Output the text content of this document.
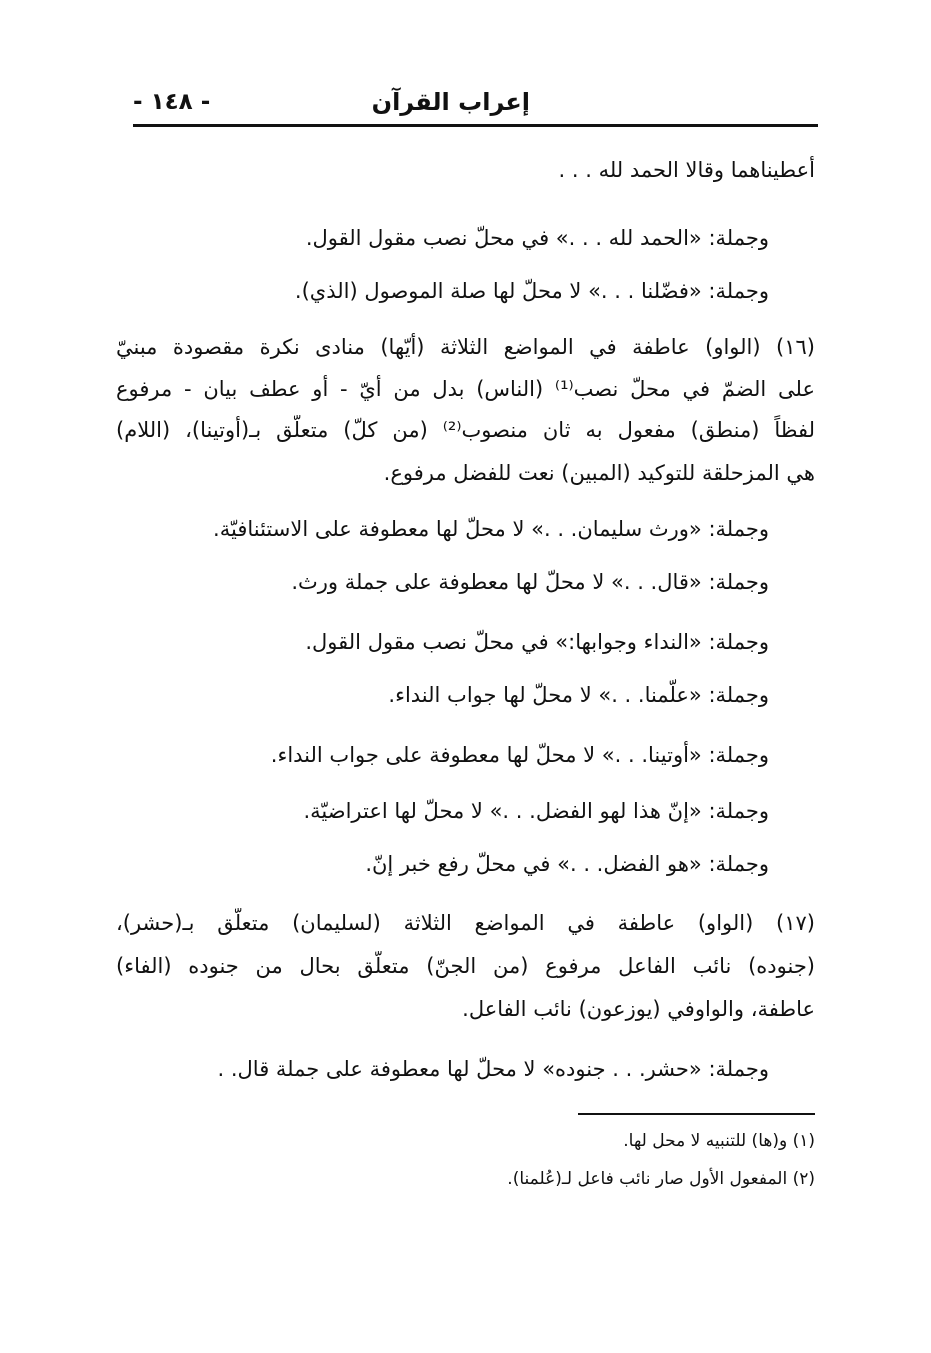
إعراب القرآن
- ١٤٨ -
أعطيناهما وقالا الحمد لله . . .
وجملة: «الحمد لله . . .» في محلّ نصب مقول القول.
وجملة: «فضّلنا . . .» لا محلّ لها صلة الموصول (الذي).
(١٦) (الواو) عاطفة في المواضع الثلاثة (أيّها) منادى نكرة مقصودة مبنيّ
على الضمّ في محلّ نصب⁽¹⁾ (الناس) بدل من أيّ - أو عطف بيان - مرفوع
لفظاً (منطق) مفعول به ثان منصوب⁽²⁾ (من كلّ) متعلّق بـ(أوتينا)، (اللام)
هي المزحلقة للتوكيد (المبين) نعت للفضل مرفوع.
وجملة: «ورث سليمان. . .» لا محلّ لها معطوفة على الاستئنافيّة.
وجملة: «قال. . .» لا محلّ لها معطوفة على جملة ورث.
وجملة: «النداء وجوابها:» في محلّ نصب مقول القول.
وجملة: «علّمنا. . .» لا محلّ لها جواب النداء.
وجملة: «أوتينا. . .» لا محلّ لها معطوفة على جواب النداء.
وجملة: «إنّ هذا لهو الفضل. . .» لا محلّ لها اعتراضيّة.
وجملة: «هو الفضل. . .» في محلّ رفع خبر إنّ.
(١٧) (الواو) عاطفة في المواضع الثلاثة (لسليمان) متعلّق بـ(حشر)،
(جنوده) نائب الفاعل مرفوع (من الجنّ) متعلّق بحال من جنوده (الفاء)
عاطفة، والواوفي (يوزعون) نائب الفاعل.
وجملة: «حشر. . . جنوده» لا محلّ لها معطوفة على جملة قال. .
(١) و(ها) للتنبيه لا محل لها.
(٢) المفعول الأول صار نائب فاعل لـ(عُلمنا).
